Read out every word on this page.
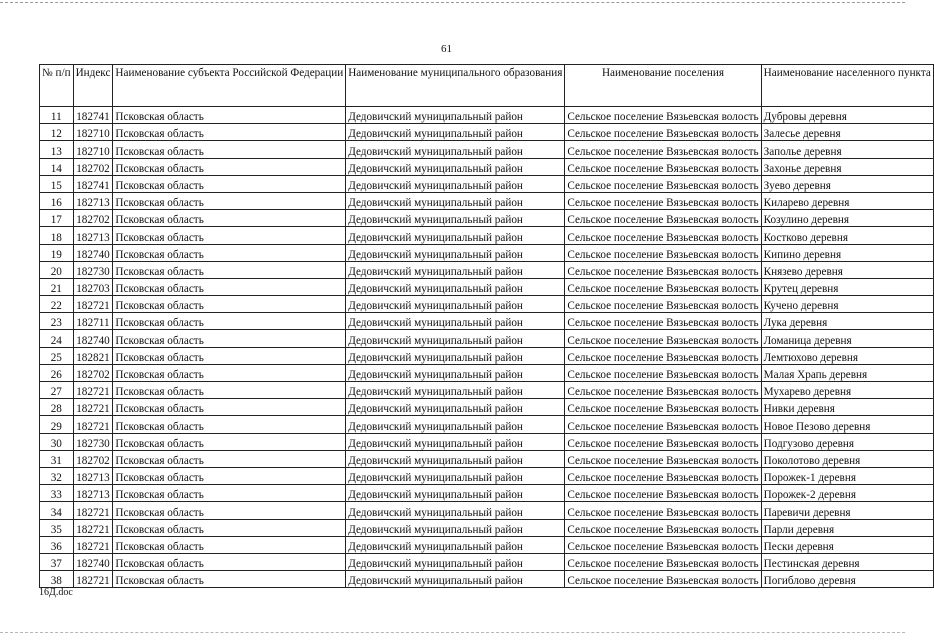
61
№ п/п	Индекс	Наименование субъекта Российской Федерации	Наименование муниципального образования	Наименование поселения	Наименование населенного пункта
11	182741	Псковская область	Дедовичский муниципальный район	Сельское поселение Вязьевская волость	Дубровы деревня
12	182710	Псковская область	Дедовичский муниципальный район	Сельское поселение Вязьевская волость	Залесье деревня
13	182710	Псковская область	Дедовичский муниципальный район	Сельское поселение Вязьевская волость	Заполье деревня
14	182702	Псковская область	Дедовичский муниципальный район	Сельское поселение Вязьевская волость	Захонье деревня
15	182741	Псковская область	Дедовичский муниципальный район	Сельское поселение Вязьевская волость	Зуево деревня
16	182713	Псковская область	Дедовичский муниципальный район	Сельское поселение Вязьевская волость	Киларево деревня
17	182702	Псковская область	Дедовичский муниципальный район	Сельское поселение Вязьевская волость	Козулино деревня
18	182713	Псковская область	Дедовичский муниципальный район	Сельское поселение Вязьевская волость	Костково деревня
19	182740	Псковская область	Дедовичский муниципальный район	Сельское поселение Вязьевская волость	Кипино деревня
20	182730	Псковская область	Дедовичский муниципальный район	Сельское поселение Вязьевская волость	Князево деревня
21	182703	Псковская область	Дедовичский муниципальный район	Сельское поселение Вязьевская волость	Крутец деревня
22	182721	Псковская область	Дедовичский муниципальный район	Сельское поселение Вязьевская волость	Кучено деревня
23	182711	Псковская область	Дедовичский муниципальный район	Сельское поселение Вязьевская волость	Лука деревня
24	182740	Псковская область	Дедовичский муниципальный район	Сельское поселение Вязьевская волость	Ломаница деревня
25	182821	Псковская область	Дедовичский муниципальный район	Сельское поселение Вязьевская волость	Лемтюхово деревня
26	182702	Псковская область	Дедовичский муниципальный район	Сельское поселение Вязьевская волость	Малая Храпь деревня
27	182721	Псковская область	Дедовичский муниципальный район	Сельское поселение Вязьевская волость	Мухарево деревня
28	182721	Псковская область	Дедовичский муниципальный район	Сельское поселение Вязьевская волость	Нивки деревня
29	182721	Псковская область	Дедовичский муниципальный район	Сельское поселение Вязьевская волость	Новое Пезово деревня
30	182730	Псковская область	Дедовичский муниципальный район	Сельское поселение Вязьевская волость	Подгузово деревня
31	182702	Псковская область	Дедовичский муниципальный район	Сельское поселение Вязьевская волость	Поколотово деревня
32	182713	Псковская область	Дедовичский муниципальный район	Сельское поселение Вязьевская волость	Порожек-1 деревня
33	182713	Псковская область	Дедовичский муниципальный район	Сельское поселение Вязьевская волость	Порожек-2 деревня
34	182721	Псковская область	Дедовичский муниципальный район	Сельское поселение Вязьевская волость	Паревичи деревня
35	182721	Псковская область	Дедовичский муниципальный район	Сельское поселение Вязьевская волость	Парли деревня
36	182721	Псковская область	Дедовичский муниципальный район	Сельское поселение Вязьевская волость	Пески деревня
37	182740	Псковская область	Дедовичский муниципальный район	Сельское поселение Вязьевская волость	Пестинская деревня
38	182721	Псковская область	Дедовичский муниципальный район	Сельское поселение Вязьевская волость	Погиблово деревня
16Д.doc
